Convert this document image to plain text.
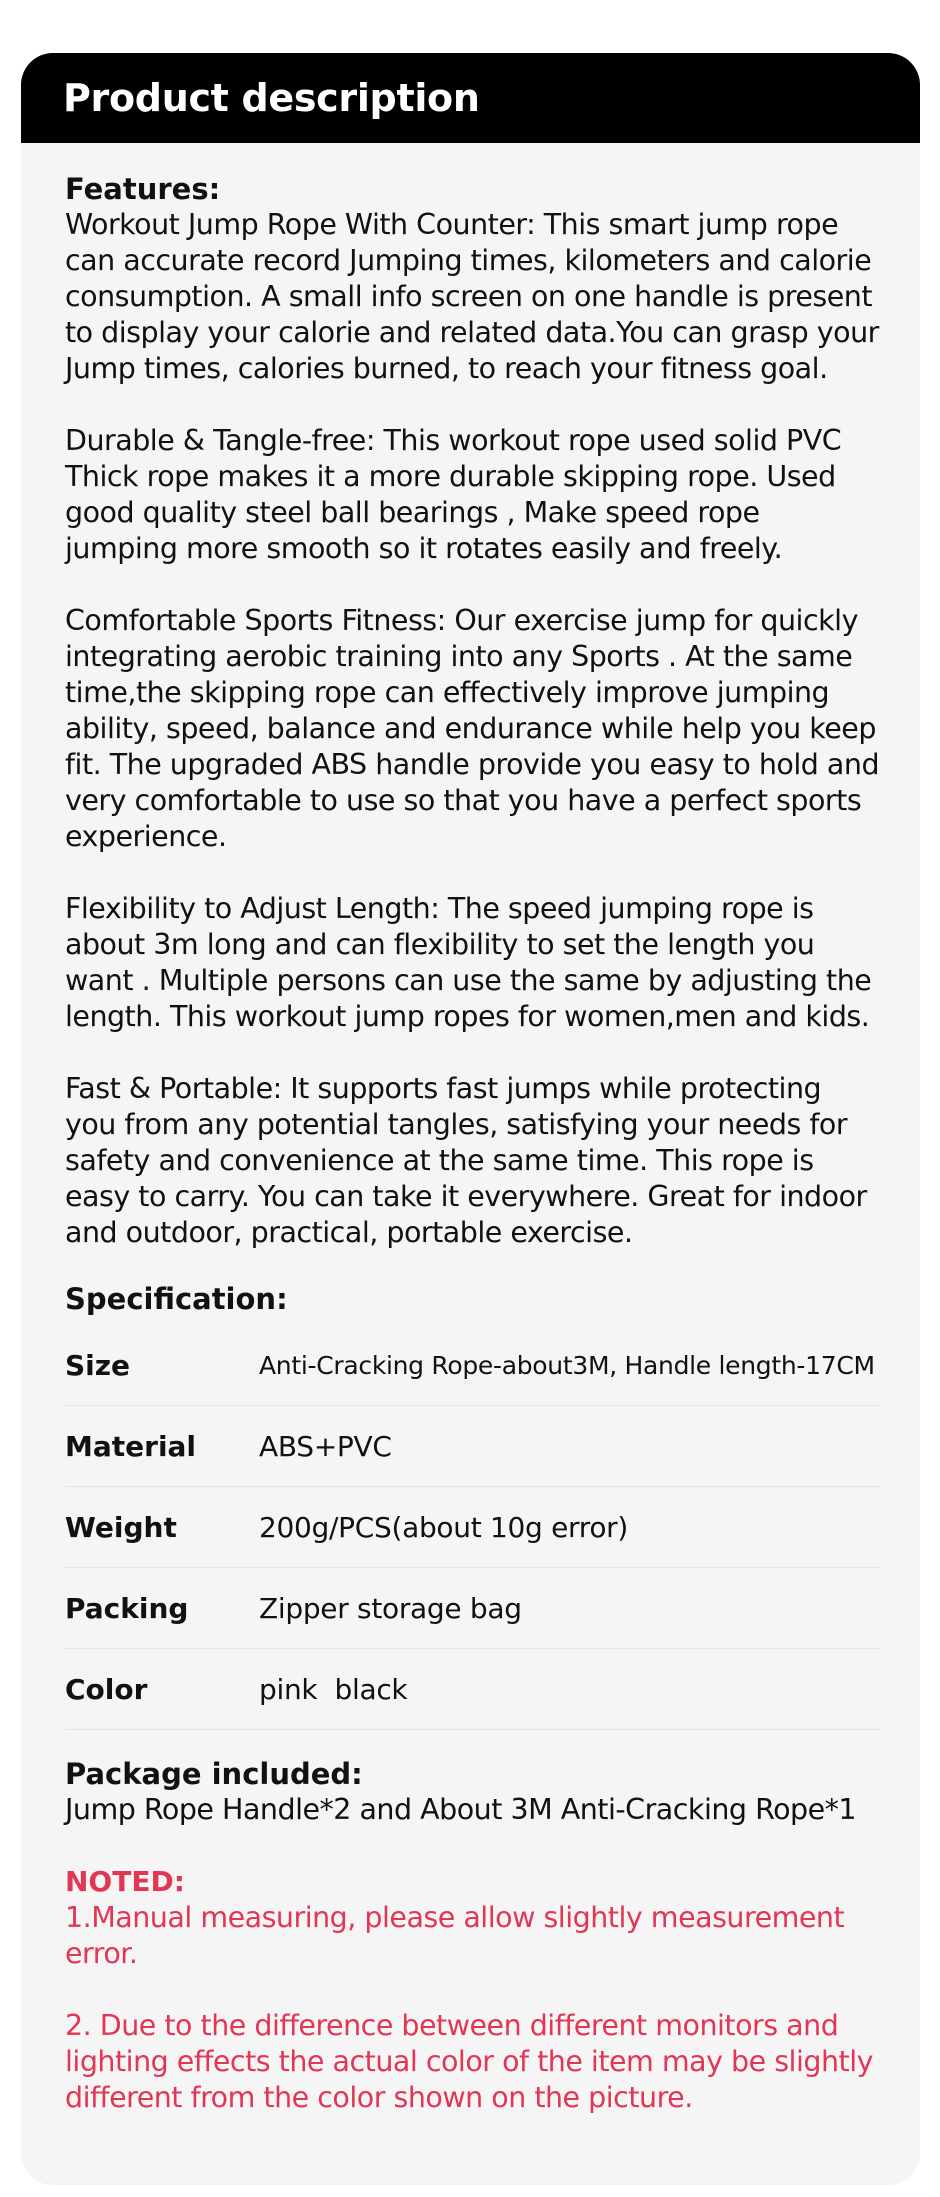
Product description

Features:

Workout Jump Rope With Counter: This smart jump rope can accurate record Jumping times, kilometers and calorie consumption. A small info screen on one handle is present to display your calorie and related data.You can grasp your Jump times, calories burned, to reach your fitness goal.

Durable & Tangle-free: This workout rope used solid PVC Thick rope makes it a more durable skipping rope. Used good quality steel ball bearings , Make speed rope jumping more smooth so it rotates easily and freely.

Comfortable Sports Fitness: Our exercise jump for quickly integrating aerobic training into any Sports . At the same time,the skipping rope can effectively improve jumping ability, speed, balance and endurance while help you keep fit. The upgraded ABS handle provide you easy to hold and very comfortable to use so that you have a perfect sports experience.

Flexibility to Adjust Length: The speed jumping rope is about 3m long and can flexibility to set the length you want . Multiple persons can use the same by adjusting the length. This workout jump ropes for women,men and kids.

Fast & Portable: It supports fast jumps while protecting you from any potential tangles, satisfying your needs for safety and convenience at the same time. This rope is easy to carry. You can take it everywhere. Great for indoor and outdoor, practical, portable exercise.

Specification:

Size	Anti-Cracking Rope-about3M, Handle length-17CM
Material	ABS+PVC
Weight	200g/PCS(about 10g error)
Packing	Zipper storage bag
Color	pink  black

Package included:

Jump Rope Handle*2 and About 3M Anti-Cracking Rope*1

NOTED:

1.Manual measuring, please allow slightly measurement error.

2. Due to the difference between different monitors and lighting effects the actual color of the item may be slightly different from the color shown on the picture.
